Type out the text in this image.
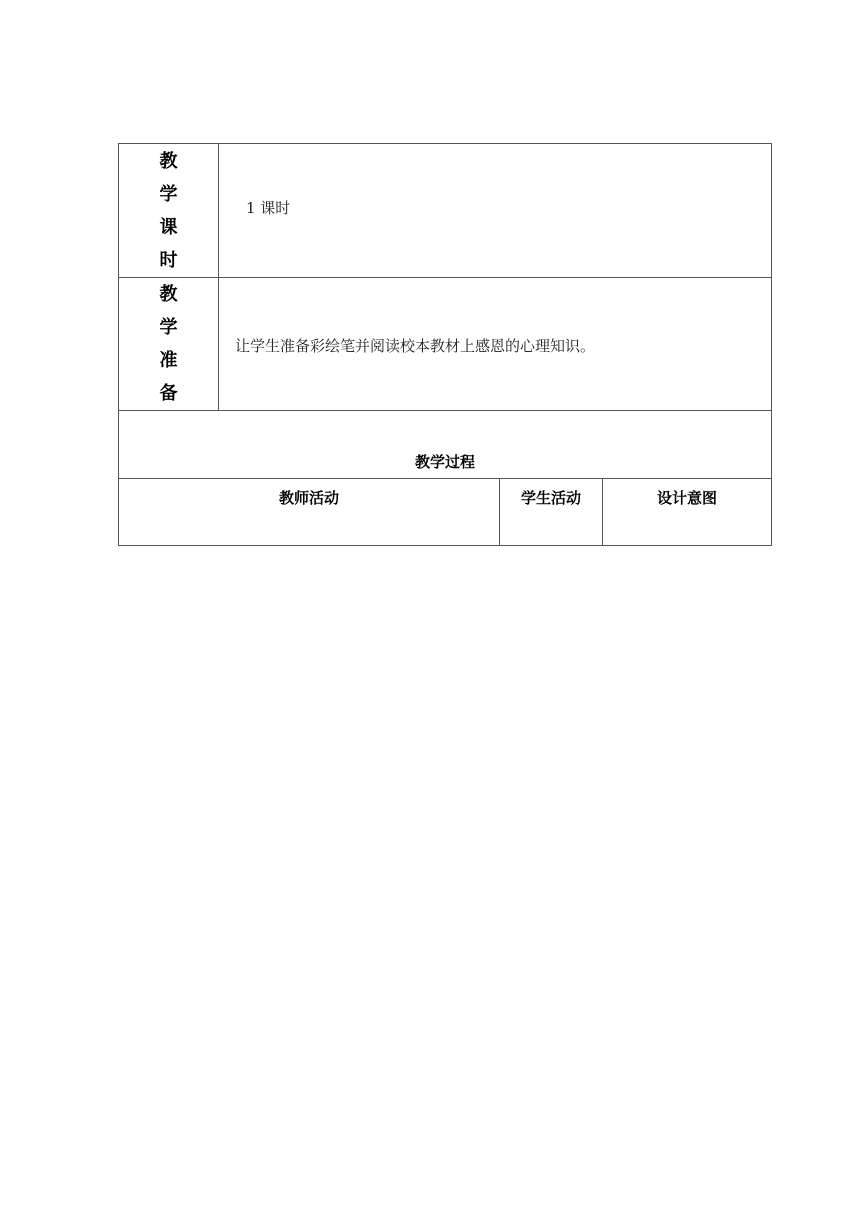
教
学
课
时	1 课时		

教
学
准
备	让学生准备彩绘笔并阅读校本教材上感恩的心理知识。		

教学过程			
教师活动		学生活动	设计意图
